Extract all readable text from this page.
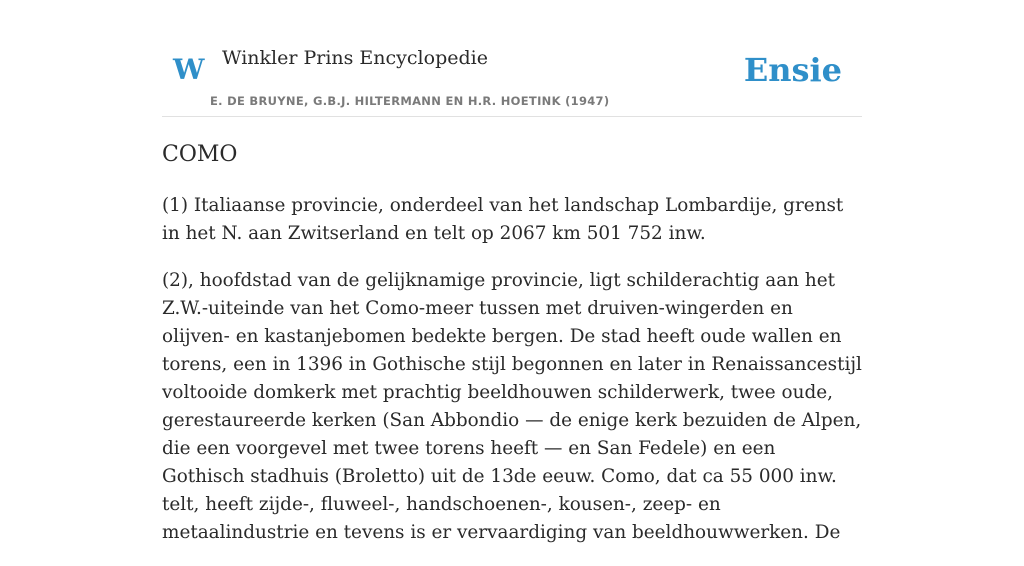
W Winkler Prins Encyclopedie
E. DE BRUYNE, G.B.J. HILTERMANN EN H.R. HOETINK (1947)
Ensie
COMO

(1) Italiaanse provincie, onderdeel van het landschap Lombardije, grenst in het N. aan Zwitserland en telt op 2067 km 501 752 inw.

(2), hoofdstad van de gelijknamige provincie, ligt schilderachtig aan het Z.W.-uiteinde van het Como-meer tussen met druiven-wingerden en olijven- en kastanjebomen bedekte bergen. De stad heeft oude wallen en torens, een in 1396 in Gothische stijl begonnen en later in Renaissancestijl voltooide domkerk met prachtig beeldhouwen schilderwerk, twee oude, gerestaureerde kerken (San Abbondio — de enige kerk bezuiden de Alpen, die een voorgevel met twee torens heeft — en San Fedele) en een Gothisch stadhuis (Broletto) uit de 13de eeuw. Como, dat ca 55 000 inw. telt, heeft zijde-, fluweel-, handschoenen-, kousen-, zeep- en metaalindustrie en tevens is er vervaardiging van beeldhouwwerken. De
